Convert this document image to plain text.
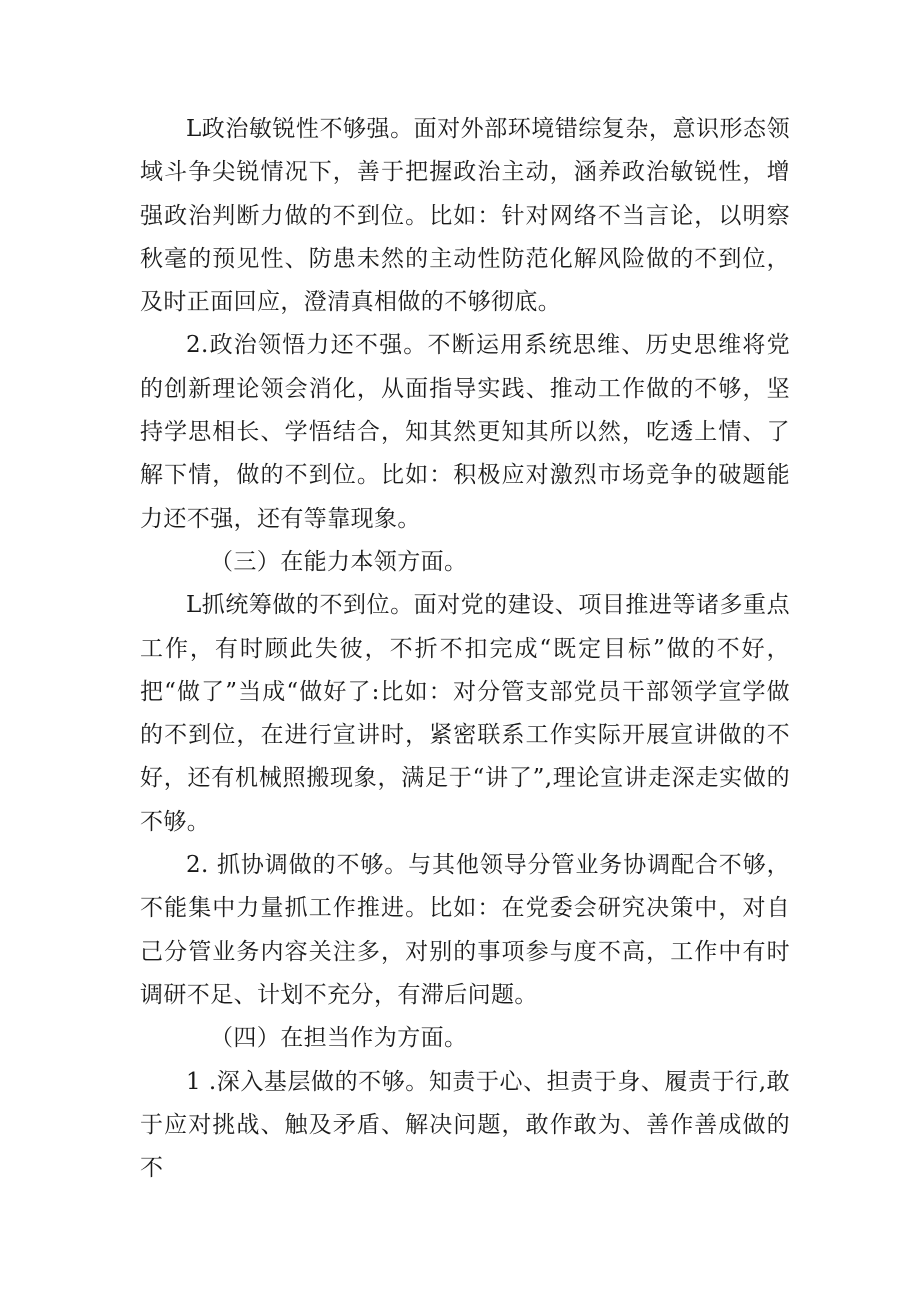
L政治敏锐性不够强。面对外部环境错综复杂，意识形态领域斗争尖锐情况下，善于把握政治主动，涵养政治敏锐性，增强政治判断力做的不到位。比如：针对网络不当言论，以明察秋毫的预见性、防患未然的主动性防范化解风险做的不到位，及时正面回应，澄清真相做的不够彻底。

2.政治领悟力还不强。不断运用系统思维、历史思维将党的创新理论领会消化，从面指导实践、推动工作做的不够，坚持学思相长、学悟结合，知其然更知其所以然，吃透上情、了解下情，做的不到位。比如：积极应对激烈市场竞争的破题能力还不强，还有等靠现象。

（三）在能力本领方面。

L抓统筹做的不到位。面对党的建设、项目推进等诸多重点工作，有时顾此失彼，不折不扣完成“既定目标”做的不好，把“做了”当成“做好了:比如：对分管支部党员干部领学宣学做的不到位，在进行宣讲时，紧密联系工作实际开展宣讲做的不好，还有机械照搬现象，满足于“讲了”,理论宣讲走深走实做的不够。

2. 抓协调做的不够。与其他领导分管业务协调配合不够，不能集中力量抓工作推进。比如：在党委会研究决策中，对自己分管业务内容关注多，对别的事项参与度不高，工作中有时调研不足、计划不充分，有滞后问题。

（四）在担当作为方面。

1 .深入基层做的不够。知责于心、担责于身、履责于行,敢于应对挑战、触及矛盾、解决问题，敢作敢为、善作善成做的不
